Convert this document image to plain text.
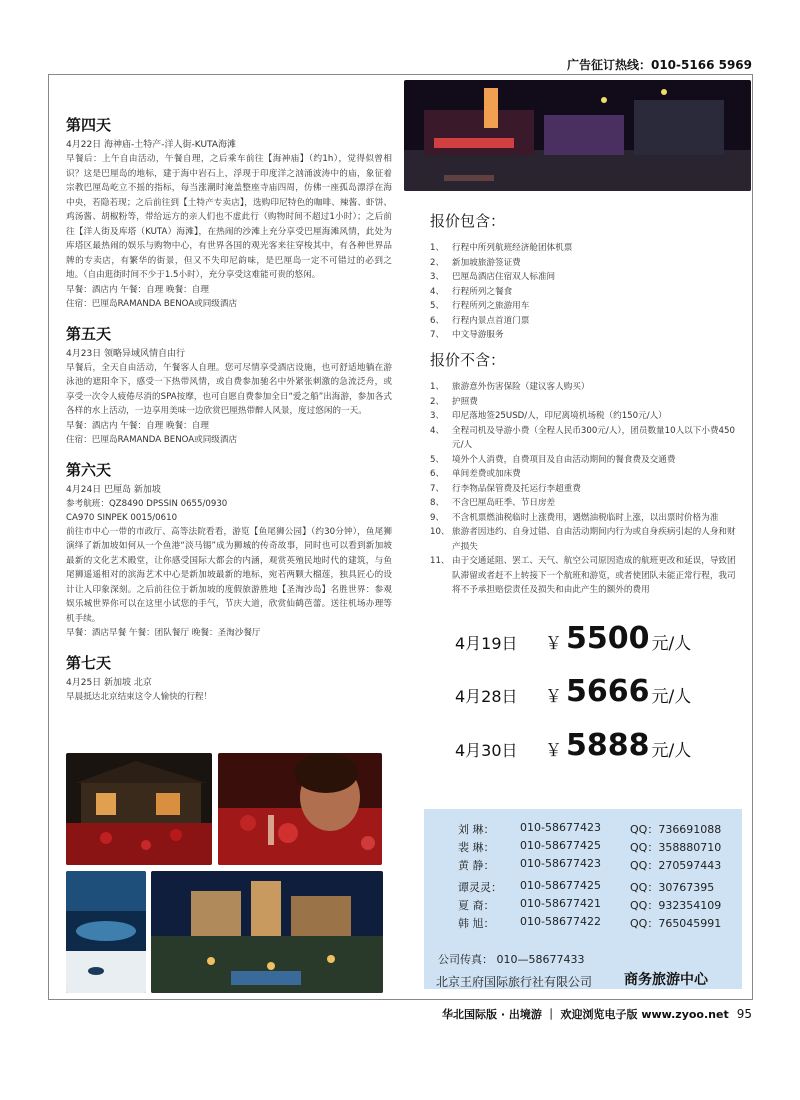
广告征订热线：010-5166 5969
第四天
4月22日 海神庙-土特产-洋人街-KUTA海滩

早餐后：上午自由活动，午餐自理，之后乘车前往【海神庙】（约1h），觉得似曾相识？这是巴厘岛的地标，建于海中岩石上，浮现于印度洋之汹涌波涛中的庙，象征着宗教巴厘岛屹立不摇的指标，每当涨潮时淹盖整座寺庙四周，仿佛一座孤岛漂浮在海中央，若隐若现；之后前往到【土特产专卖店】，选购印尼特色的咖啡、辣酱、虾饼、鸡汤酱、胡椒粉等，带给远方的亲人们也不虚此行（购物时间不超过1小时）；之后前往【洋人街及库塔（KUTA）海滩】，在热闹的沙滩上充分享受巴厘海滩风情，此处为库塔区最热闹的娱乐与购物中心，有世界各国的观光客来往穿梭其中，有各种世界品牌的专卖店，有繁华的街景，但又不失印尼韵味，是巴厘岛一定不可错过的必到之地。（自由逛街时间不少于1.5小时），充分享受这难能可贵的悠闲。

早餐：酒店内 午餐：自理 晚餐：自理

住宿：巴厘岛RAMANDA BENOA或同级酒店

第五天
4月23日 领略异域风情自由行

早餐后，全天自由活动，午餐客人自理。您可尽情享受酒店设施，也可舒适地躺在游泳池的遮阳伞下，感受一下热带风情，或自费参加驰名中外紧张刺激的急流泛舟，或享受一次令人疲倦尽消的SPA按摩，也可自愿自费参加全日“爱之船”出海游，参加各式各样的水上活动，一边享用美味一边欣赏巴厘热带醉人风景，度过悠闲的一天。

早餐：酒店内 午餐：自理 晚餐：自理

住宿：巴厘岛RAMANDA BENOA或同级酒店

第六天
4月24日 巴厘岛 新加坡

参考航班：QZ8490 DPSSIN 0655/0930

CA970 SINPEK 0015/0610

前往市中心一带的市政厅、高等法院看看，游览【鱼尾狮公园】（约30分钟），鱼尾狮演绎了新加坡如何从一个鱼港“淡马锡”成为狮城的传奇故事，同时也可以看到新加坡最新的文化艺术殿堂，让你感受国际大都会的内涵，观赏英殖民地时代的建筑，与鱼尾狮遥遥相对的滨海艺术中心是新加坡最新的地标，宛若两颗大榴莲，独具匠心的设计让人印象深刻。之后前往位于新加坡的度假旅游胜地【圣淘沙岛】名胜世界：参观娱乐城世界你可以在这里小试您的手气，节庆大道，欣赏仙鹤芭蕾。送往机场办理等机手续。

早餐：酒店早餐 午餐：团队餐厅 晚餐：圣淘沙餐厅

第七天
4月25日 新加坡 北京

早晨抵达北京结束这令人愉快的行程！

报价包含：
1、 行程中所列航班经济舱团体机票
2、 新加坡旅游签证费
3、 巴厘岛酒店住宿双人标准间
4、 行程所列之餐食
5、 行程所列之旅游用车
6、 行程内景点首道门票
7、 中文导游服务
报价不含：
1、 旅游意外伤害保险（建议客人购买）
2、 护照费
3、 印尼落地签25USD/人，印尼离境机场税（约150元/人）
4、 全程司机及导游小费（全程人民币300元/人），团员数量10人以下小费450元/人
5、 境外个人消费，自费项目及自由活动期间的餐食费及交通费
6、 单间差费或加床费
7、 行李物品保管费及托运行李超重费
8、 不含巴厘岛旺季、节日房差
9、 不含机票燃油税临时上涨费用，遇燃油税临时上涨，以出票时价格为准
10、 旅游者因违约、自身过错、自由活动期间内行为或自身疾病引起的人身和财产损失
11、 由于交通延阻、罢工、天气、航空公司原因造成的航班更改和延误，导致团队滞留或者赶不上转接下一个航班和游览，或者使团队未能正常行程，我司将不予承担赔偿责任及损失和由此产生的额外的费用
4月19日	￥ 5500 元/人
4月28日	￥ 5666 元/人
4月30日	￥ 5888 元/人
刘 琳：	010-58677423	QQ：736691088
裴 琳：	010-58677425	QQ：358880710
黄 静：	010-58677423	QQ：270597443
谭灵灵：	010-58677425	QQ：30767395
夏 裔：	010-58677421	QQ：932354109
韩 旭：	010-58677422	QQ：765045991
公司传真： 010—58677433
北京王府国际旅行社有限公司 商务旅游中心
华北国际版 · 出境游 ｜ 欢迎浏览电子版 www.zyoo.net 95
